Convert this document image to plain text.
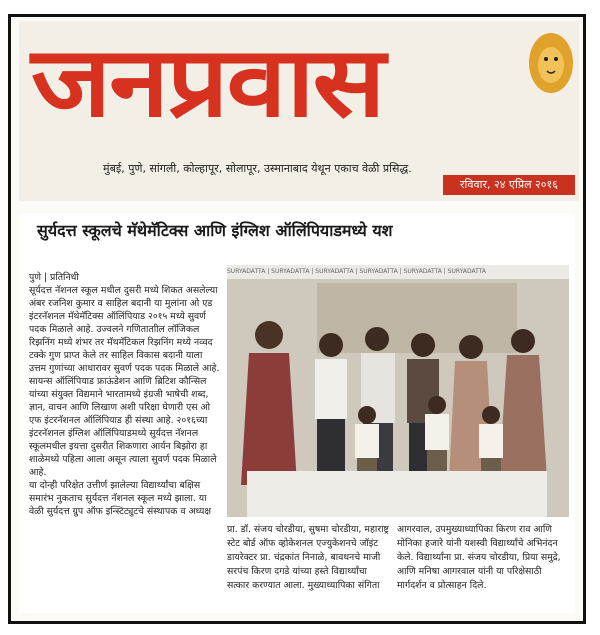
जनप्रवास
मुंबई, पुणे, सांगली, कोल्हापूर, सोलापूर, उस्मानाबाद येथून एकाच वेळी प्रसिद्ध.
रविवार, २४ एप्रिल २०१६
सुर्यदत्त स्कूलचे मॅथेमॅटिक्स आणि इंग्लिश ऑलिंपियाडमध्ये यश

पुणे | प्रतिनिधी

सूर्यदत्त नॅशनल स्कूल मधील दुसरी मध्ये शिकत असलेल्या अंबर रजनिश कुमार व साहिल बदानी या मुलांना ओ एड इंटरनॅशनल मॅथेमॅटिक्स ऑलिंपियाड २०१५ मध्ये सुवर्ण पदक मिळाले आहे. उज्वलने गणिताताील लॉजिकल रिझनिंग मध्ये शंभर तर मॅथमॅटिकल रिझनिंग मध्ये नव्वद टक्के गुण प्राप्त केले तर साहिल विकास बदानी याला उत्तम गुणांच्या आधारावर सुवर्ण पदक पदक मिळाले आहे.

सायन्स ऑलिंपियाड फ्राऊंडेशन आणि ब्रिटिश कौन्सिल यांच्या संयुक्त विद्यमाने भारतामध्ये इंग्रजी भाषेची शब्द, ज्ञान, वाचन आणि लिखाण अशी परिक्षा घेणारी एस ओ एफ इंटरनॅशनल ऑलिंपियाड ही संस्था आहे. २०१६च्या इंटरनॅशनल इंग्लिश ऑलिंपियाडमध्ये सुर्यदत्त नॅशनल स्कूलमधील इयत्ता दुसरीत शिकणारा आर्यन बिझोरा हा शाळेमध्ये पहिला आला असून त्याला सुवर्ण पदक मिळाले आहे.

या दोन्ही परिक्षेत उत्तीर्ण झालेल्या विद्यार्थ्यांचा बक्षिस समारंभ नुकताच सुर्यदत्त नॅशनल स्कूल मध्ये झाला. या वेळी सुर्यदत्त ग्रुप ऑफ इन्स्टिट्युटचे संस्थापक व अध्यक्ष

SURYADATTA | SURYADATTA | SURYADATTA | SURYADATTA | SURYADATTA | SURYADATTA
प्रा. डॉ. संजय चोरडीया, सुषमा चोरडीया, महाराष्ट्र स्टेट बोर्ड ऑफ व्होकेशनल एज्युकेशनचे जॉइंट डायरेक्टर प्रा. चंद्रकांत निनाळे, बावधनचे माजी सरपंच किरण दगडे यांच्या हस्ते विद्यार्थ्यांचा सत्कार करण्यात आला. मुख्याध्यापिका संगिता
आगरवाल, उपमुख्याध्यापिका किरण राव आणि मोनिका हजारे यांनी यशस्वी विद्यार्थ्यांचे अभिनंदन केले. विद्यार्थ्यांना प्रा. संजय चोरडीया, प्रिया समुद्रे, आणि मनिषा आगरवाल यांनी या परिक्षेसाठी मार्गदर्शन व प्रोत्साहन दिले.
